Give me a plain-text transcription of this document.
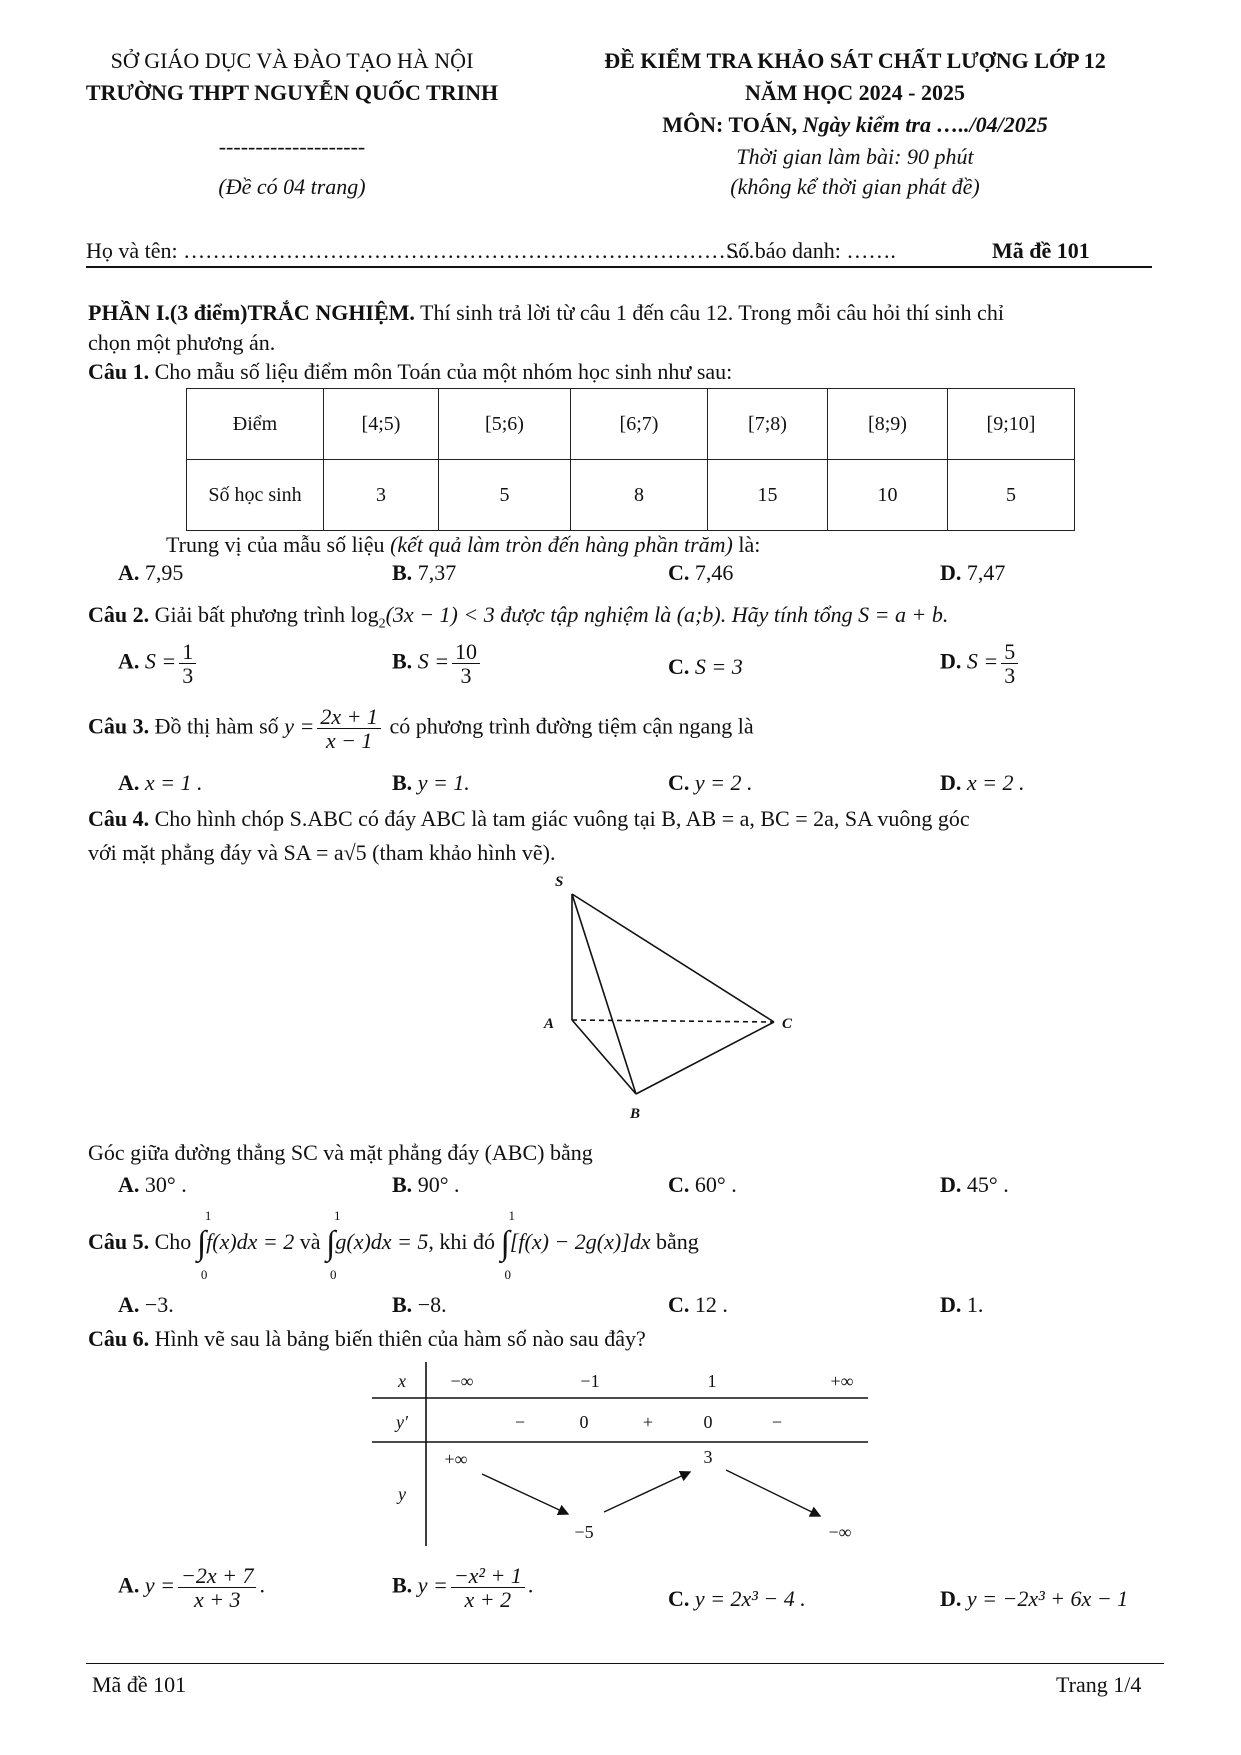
SỞ GIÁO DỤC VÀ ĐÀO TẠO HÀ NỘI
TRƯỜNG THPT NGUYỄN QUỐC TRINH
--------------------
(Đề có 04 trang)
ĐỀ KIỂM TRA KHẢO SÁT CHẤT LƯỢNG LỚP 12
NĂM HỌC 2024 - 2025
MÔN: TOÁN, Ngày kiểm tra …../04/2025
Thời gian làm bài: 90 phút
(không kể thời gian phát đề)
Họ và tên: ……………………………………………………………………
Số báo danh: …….	Mã đề 101
PHẦN I.(3 điểm)TRẮC NGHIỆM. Thí sinh trả lời từ câu 1 đến câu 12. Trong mỗi câu hỏi thí sinh chỉ
chọn một phương án.
Câu 1. Cho mẫu số liệu điểm môn Toán của một nhóm học sinh như sau:
Điểm	[4;5)	[5;6)	[6;7)	[7;8)	[8;9)	[9;10]
Số học sinh	3	5	8	15	10	5
Trung vị của mẫu số liệu (kết quả làm tròn đến hàng phần trăm) là:
A. 7,95	B. 7,37	C. 7,46	D. 7,47
Câu 2. Giải bất phương trình $\log_2(3x - 1) < 3$ được tập nghiệm là (a;b). Hãy tính tổng S = a + b.
A. $S = \frac{1}{3}$	B. $S = \frac{10}{3}$	C. S = 3	D. $S = \frac{5}{3}$
Câu 3. Đồ thị hàm số $y = \frac{2x + 1}{x - 1}$ có phương trình đường tiệm cận ngang là
A. x = 1 .	B. y = 1.	C. y = 2 .	D. x = 2 .
Câu 4. Cho hình chóp S.ABC có đáy ABC là tam giác vuông tại B, AB = a, BC = 2a, SA vuông góc
với mặt phẳng đáy và SA = a√5 (tham khảo hình vẽ).
S
A	C
B
Góc giữa đường thẳng SC và mặt phẳng đáy (ABC) bằng
A. 30° .	B. 90° .	C. 60° .	D. 45° .
Câu 5. Cho ∫
1
0
f(x)dx = 2 và ∫
1
0
g(x)dx = 5, khi đó ∫
1
0
[f(x) − 2g(x)]dx bằng
A. −3.	B. −8.	C. 12 .	D. 1.
Câu 6. Hình vẽ sau là bảng biến thiên của hàm số nào sau đây?
x −∞	−1	1	+∞
y′	−	0	+	0	−
y
+∞
−5
3
−∞
A. $y = \frac{-2x + 7}{x + 3}$ .	B. $y = \frac{\text{−x² + 1}}{x + 2}$ .
C. y = 2x³ − 4 .	D. y = −2x³ + 6x − 1
Mã đề 101	Trang 1/4
